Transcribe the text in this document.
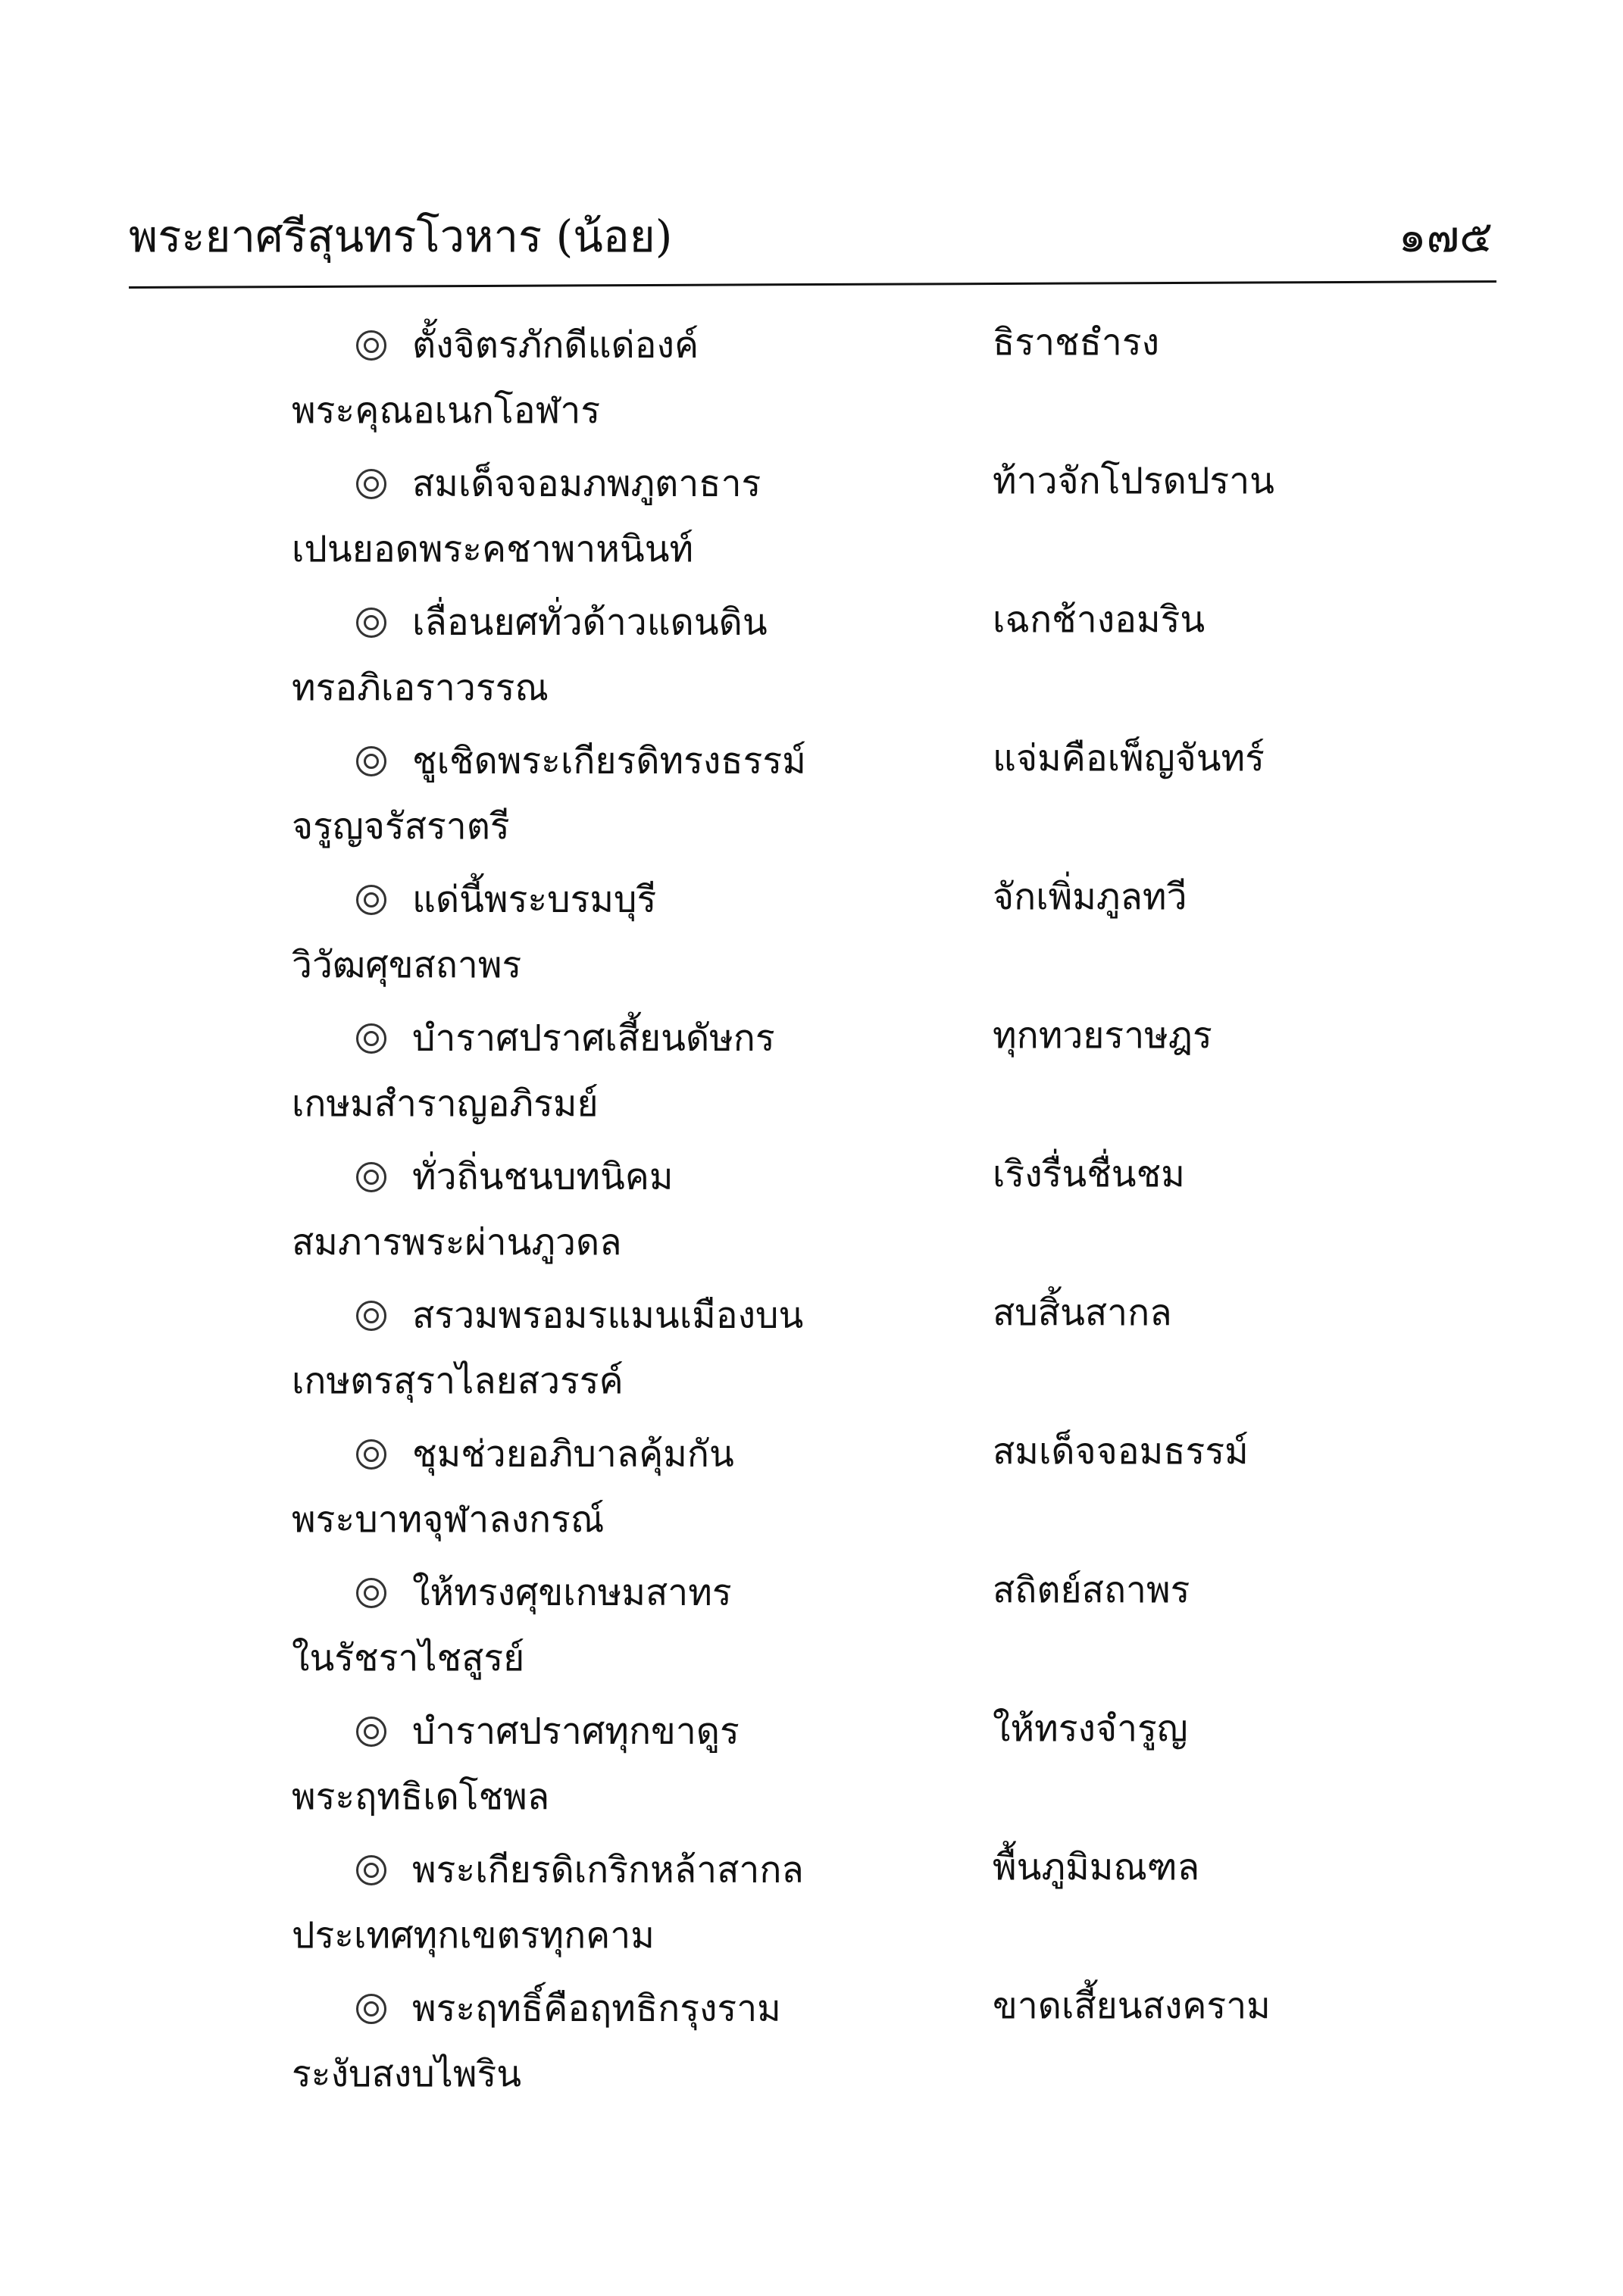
พระยาศรีสุนทรโวหาร (น้อย)	๑๗๕
ตั้งจิตรภักดีแด่องค์	ธิราชธำรง
พระคุณอเนกโอฬาร
สมเด็จจอมภพภูตาธาร	ท้าวจักโปรดปราน
เปนยอดพระคชาพาหนินท์
เลื่อนยศทั่วด้าวแดนดิน	เฉกช้างอมริน
ทรอภิเอราวรรณ
ชูเชิดพระเกียรดิทรงธรรม์	แจ่มคือเพ็ญจันทร์
จรูญจรัสราตรี
แด่นี้พระบรมบุรี	จักเพิ่มภูลทวี
วิวัฒศุขสถาพร
บำราศปราศเสี้ยนดัษกร	ทุกทวยราษฎร
เกษมสำราญอภิรมย์
ทั่วถิ่นชนบทนิคม	เริงรื่นชื่นชม
สมภารพระผ่านภูวดล
สรวมพรอมรแมนเมืองบน	สบสิ้นสากล
เกษตรสุราไลยสวรรค์
ชุมช่วยอภิบาลคุ้มกัน	สมเด็จจอมธรรม์
พระบาทจุฬาลงกรณ์
ให้ทรงศุขเกษมสาทร	สถิตย์สถาพร
ในรัชราไชสูรย์
บำราศปราศทุกขาดูร	ให้ทรงจำรูญ
พระฤทธิเดโชพล
พระเกียรดิเกริกหล้าสากล	พื้นภูมิมณฑล
ประเทศทุกเขตรทุกคาม
พระฤทธิ์คือฤทธิกรุงราม	ขาดเสี้ยนสงคราม
ระงับสงบไพริน
